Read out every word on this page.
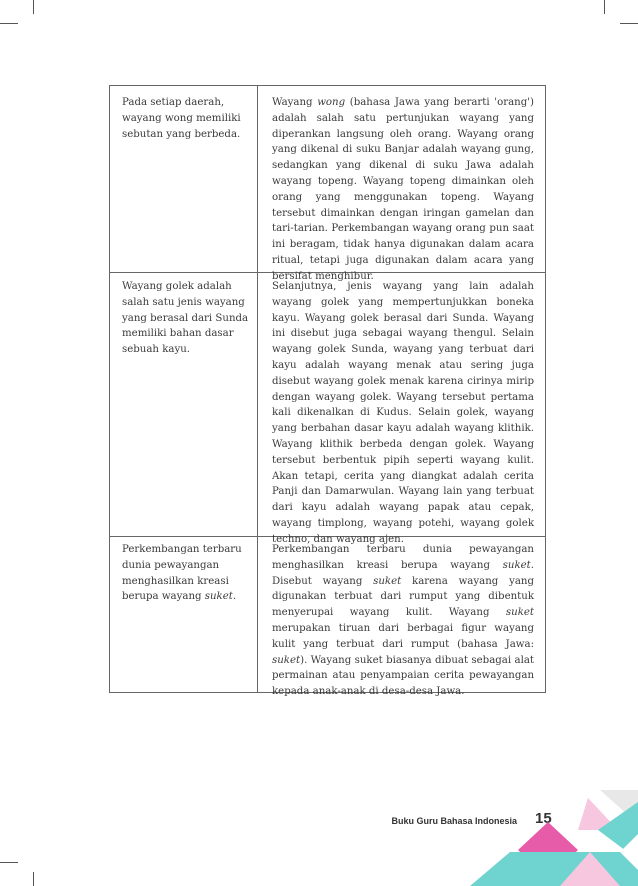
Pada setiap daerah, wayang wong memiliki sebutan yang berbeda.
Wayang wong (bahasa Jawa yang berarti 'orang') adalah salah satu pertunjukan wayang yang diperankan langsung oleh orang. Wayang orang yang dikenal di suku Banjar adalah wayang gung, sedangkan yang dikenal di suku Jawa adalah wayang topeng. Wayang topeng dimainkan oleh orang yang menggunakan topeng. Wayang tersebut dimainkan dengan iringan gamelan dan tari-tarian. Perkembangan wayang orang pun saat ini beragam, tidak hanya digunakan dalam acara ritual, tetapi juga digunakan dalam acara yang bersifat menghibur.
Wayang golek adalah salah satu jenis wayang yang berasal dari Sunda memiliki bahan dasar sebuah kayu.
Selanjutnya, jenis wayang yang lain adalah wayang golek yang mempertunjukkan boneka kayu. Wayang golek berasal dari Sunda. Wayang ini disebut juga sebagai wayang thengul. Selain wayang golek Sunda, wayang yang terbuat dari kayu adalah wayang menak atau sering juga disebut wayang golek menak karena cirinya mirip dengan wayang golek. Wayang tersebut pertama kali dikenalkan di Kudus. Selain golek, wayang yang berbahan dasar kayu adalah wayang klithik. Wayang klithik berbeda dengan golek. Wayang tersebut berbentuk pipih seperti wayang kulit. Akan tetapi, cerita yang diangkat adalah cerita Panji dan Damarwulan. Wayang lain yang terbuat dari kayu adalah wayang papak atau cepak, wayang timplong, wayang potehi, wayang golek techno, dan wayang ajen.
Perkembangan terbaru dunia pewayangan menghasilkan kreasi berupa wayang suket.
Perkembangan terbaru dunia pewayangan menghasilkan kreasi berupa wayang suket. Disebut wayang suket karena wayang yang digunakan terbuat dari rumput yang dibentuk menyerupai wayang kulit. Wayang suket merupakan tiruan dari berbagai figur wayang kulit yang terbuat dari rumput (bahasa Jawa: suket). Wayang suket biasanya dibuat sebagai alat permainan atau penyampaian cerita pewayangan kepada anak-anak di desa-desa Jawa.
Buku Guru Bahasa Indonesia 15
